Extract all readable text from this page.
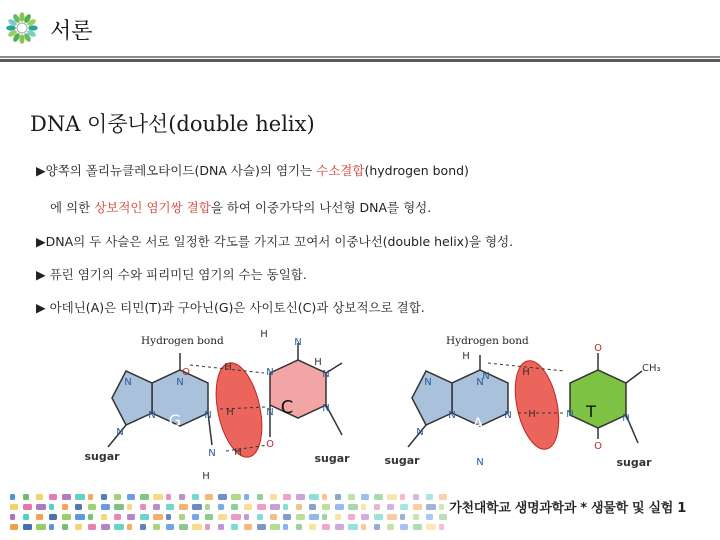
서론
DNA 이중나선(double helix)
▶양쪽의 폴리뉴클레오타이드(DNA 사슬)의 염기는 수소결합(hydrogen bond)
에 의한 상보적인 염기쌍 결합을 하여 이중가닥의 나선형 DNA를 형성.
▶DNA의 두 사슬은 서로 일정한 각도를 가지고 꼬여서 이중나선(double helix)을 형성.
▶ 퓨린 염기의 수와 피리미딘 염기의 수는 동일함.
▶ 아데닌(A)은 티민(T)과 구아닌(G)은 사이토신(C)과 상보적으로 결합.
Hydrogen bond	Hydrogen bond
N
N
N
N
N
N
N	N
N
N	N
O
O
H
H
H
H
H
H
G
C
sugar	sugar
N
N
N
N
N
N
N	N
N
O
O
H
H
H
CH₃
A
T
sugar	sugar
가천대학교 생명과학과 * 생물학 및 실험 1
